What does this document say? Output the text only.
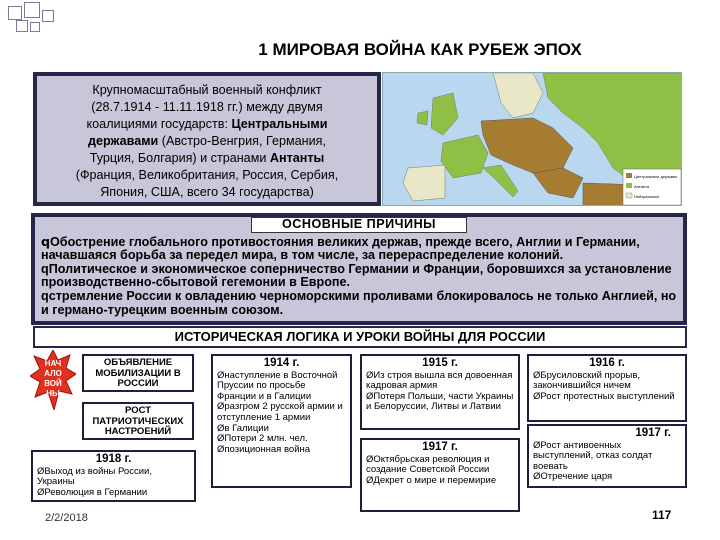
1 МИРОВАЯ ВОЙНА КАК РУБЕЖ ЭПОХ
Крупномасштабный военный конфликт
(28.7.1914 - 11.11.1918 гг.) между двумя
коалициями государств: Центральными
державами (Австро-Венгрия, Германия,
Турция, Болгария) и странами Антанты
(Франция, Великобритания, Россия, Сербия,
Япония, США, всего 34 государства)
Центральные державы
Антанта
Нейтральные
ОСНОВНЫЕ ПРИЧИНЫ

qОбострение глобального противостояния великих держав, прежде всего, Англии и Германии, начавшаяся борьба за передел мира, в том числе, за перераспределение колоний.

qПолитическое и экономическое соперничество Германии и Франции, боровшихся за установление производственно-сбытовой гегемонии в Европе.

qстремление России к овладению черноморскими проливами блокировалось не только Англией, но и германо-турецким военным союзом.

ИСТОРИЧЕСКАЯ ЛОГИКА И УРОКИ ВОЙНЫ ДЛЯ РОССИИ
НАЧ
АЛО
ВОЙ
НЫ
ОБЪЯВЛЕНИЕ МОБИЛИЗАЦИИ В РОССИИ
РОСТ ПАТРИОТИЧЕСКИХ НАСТРОЕНИЙ
1918 г.
ØВыход из войны России, Украины
ØРеволюция в Германии
1914 г.
Øнаступление в Восточной Пруссии по просьбе Франции и в Галиции
Øразгром 2 русской армии и отступление 1 армии
Øв Галиции
ØПотери 2 млн. чел.
Øпозиционная война
1915 г.
ØИз строя вышла вся довоенная кадровая армия
ØПотеря Польши, части Украины и Белоруссии, Литвы и Латвии
1917 г.
ØОктябрьская революция и создание Советской России
ØДекрет о мире и перемирие
1916 г.
ØБрусиловский прорыв, закончившийся ничем
ØРост протестных выступлений
1917 г.
ØРост антивоенных выступлений, отказ солдат воевать
ØОтречение царя
2/2/2018	117
